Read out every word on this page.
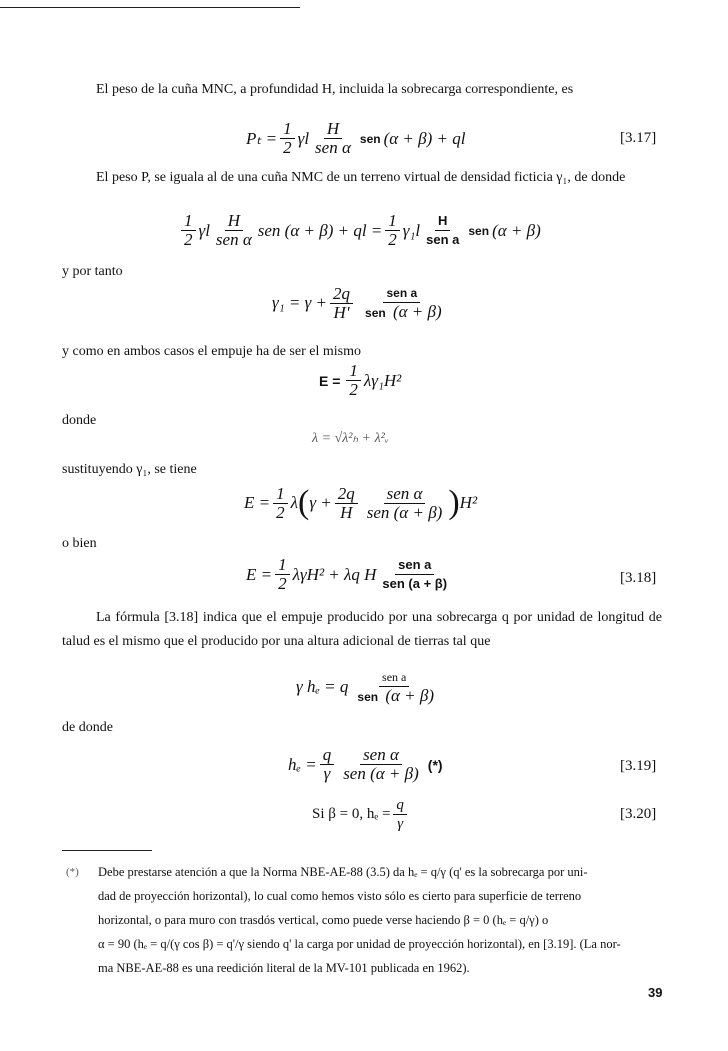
El peso de la cuña MNC, a profundidad H, incluida la sobrecarga correspondiente, es
$P_t = \frac{1}{2}$ γl $\frac{H}{\text{sen α}}$ sen (α + β) + ql	[3.17]
El peso P, se iguala al de una cuña NMC de un terreno virtual de densidad ficticia γ₁, de donde
$\frac{1}{2}$ γl $\frac{H}{\text{sen α}}$ sen (α + β) + ql = $\frac{1}{2} \gamma_1l \frac{H}{\text{sen a}}$ sen (α + β)
y por tanto
$\gamma_1 = \gamma + \frac{2q}{H'} \frac{\text{sen a}}{\text{sen (α + β)}}$
y como en ambos casos el empuje ha de ser el mismo
$E = \frac{1}{2} \lambda\gamma_1H^2$
donde
λ = √λ²ₕ + λ²ᵥ
sustituyendo γ₁, se tiene
$E = \frac{1}{2}$ λ ( $\gamma + \frac{2q}{H} \frac{\text{sen α}}{\text{sen (α + β)}}$ ) H²
o bien
$E = \frac{1}{2} \lambda\gamma H^2 + \lambda q$ H $\frac{\text{sen a}}{\text{sen (a + β)}}$	[3.18]
La fórmula [3.18] indica que el empuje producido por una sobrecarga q por unidad de longitud de talud es el mismo que el producido por una altura adicional de tierras tal que
γ hₑ = q $\frac{\text{sen a}}{\text{sen (α + β)}}$
de donde
$h_e = \frac{q}{\gamma} \frac{\text{sen α}}{\text{sen (α + β)}}$ (*)	[3.19]
Si β = 0, $h_e = \frac{q}{\gamma}$	[3.20]
(*) Debe prestarse atención a que la Norma NBE-AE-88 (3.5) da hₑ = q/γ (q' es la sobrecarga por uni-
dad de proyección horizontal), lo cual como hemos visto sólo es cierto para superficie de terreno
horizontal, o para muro con trasdós vertical, como puede verse haciendo β = 0 (hₑ = q/γ) o
α = 90 (hₑ = q/(γ cos β) = q'/γ siendo q' la carga por unidad de proyección horizontal), en [3.19]. (La nor-
ma NBE-AE-88 es una reedición literal de la MV-101 publicada en 1962).
39
